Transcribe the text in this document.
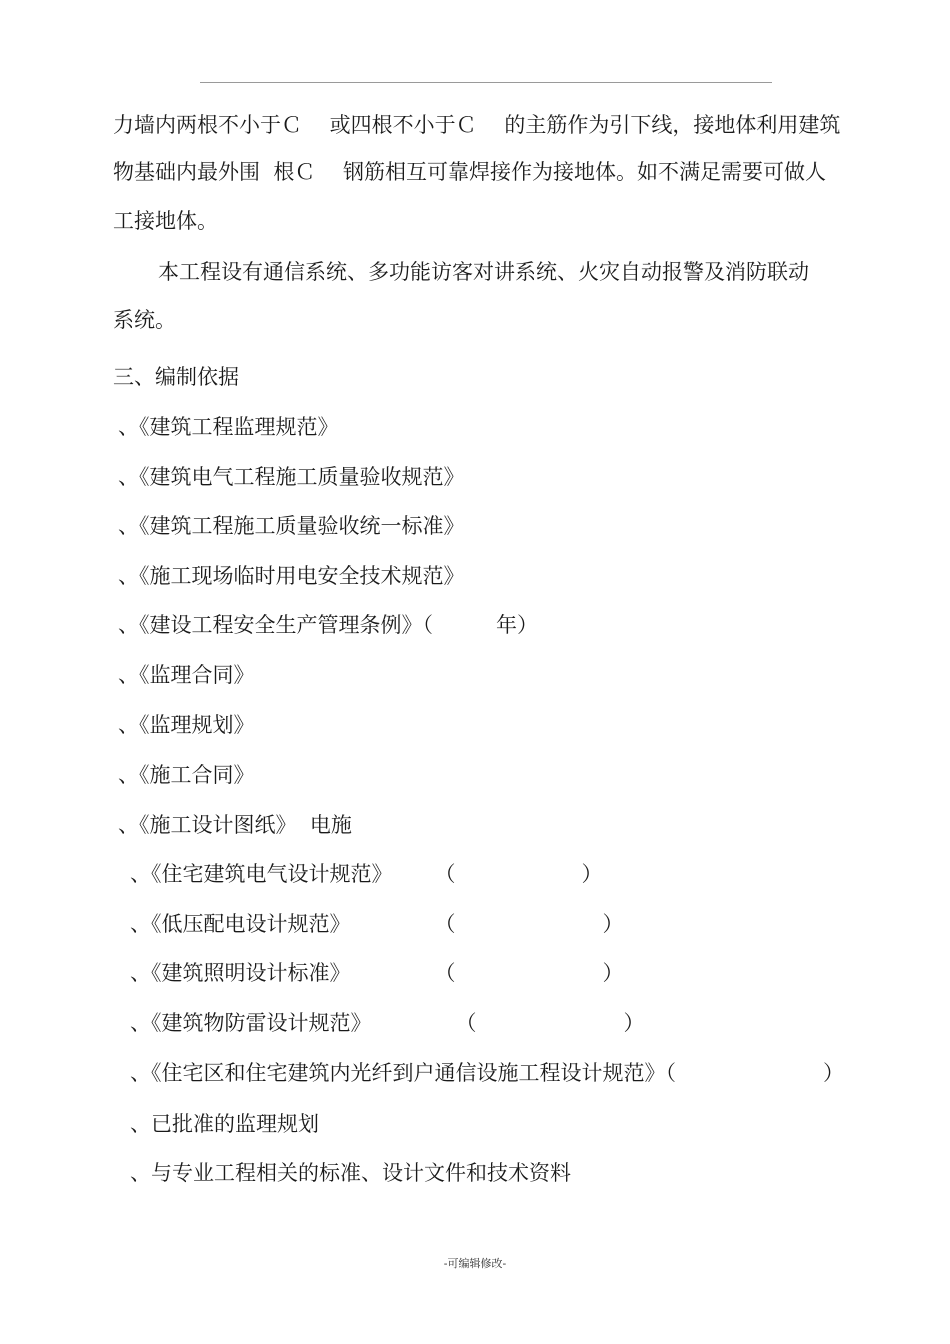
力墙内两根不小于Ｃ　 或四根不小于Ｃ　 的主筋作为引下线，接地体利用建筑
物基础内最外围  根Ｃ　 钢筋相互可靠焊接作为接地体。如不满足需要可做人
工接地体。
本工程设有通信系统、多功能访客对讲系统、火灾自动报警及消防联动
系统。
三、编制依据
、《建筑工程监理规范》
、《建筑电气工程施工质量验收规范》
、《建筑工程施工质量验收统一标准》
、《施工现场临时用电安全技术规范》
、《建设工程安全生产管理条例》（　　　年）
、《监理合同》
、《监理规划》
、《施工合同》
、《施工设计图纸》  电施
、《住宅建筑电气设计规范》　　　（　　　　　　）
、《低压配电设计规范》　　　　　（　　　　　　　）
、《建筑照明设计标准》　　　　　（　　　　　　　）
、《建筑物防雷设计规范》　　　　　（　　　　　　　）
、《住宅区和住宅建筑内光纤到户通信设施工程设计规范》（　　　　　　　）
、已批准的监理规划
、与专业工程相关的标准、设计文件和技术资料
-可编辑修改-
